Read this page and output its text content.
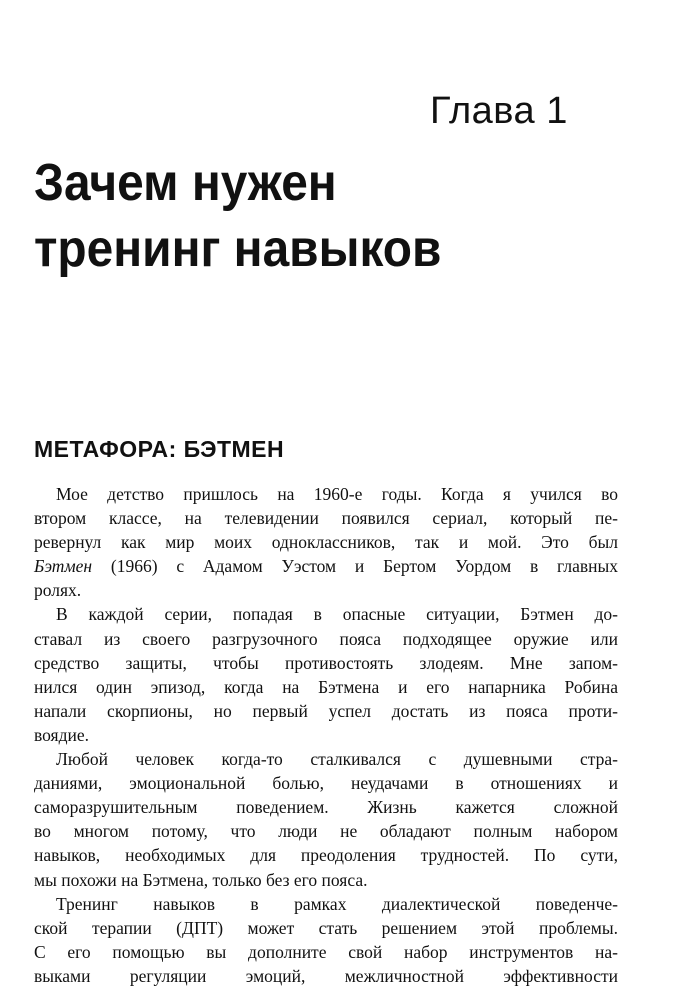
Глава 1
Зачем нужен
тренинг навыков
МЕТАФОРА: БЭТМЕН
Мое детство пришлось на 1960-е годы. Когда я учился во
втором классе, на телевидении появился сериал, который пе-
ревернул как мир моих одноклассников, так и мой. Это был
Бэтмен (1966) с Адамом Уэстом и Бертом Уордом в главных
ролях.
В каждой серии, попадая в опасные ситуации, Бэтмен до-
ставал из своего разгрузочного пояса подходящее оружие или
средство защиты, чтобы противостоять злодеям. Мне запом-
нился один эпизод, когда на Бэтмена и его напарника Робина
напали скорпионы, но первый успел достать из пояса проти-
воядие.
Любой человек когда-то сталкивался с душевными стра-
даниями, эмоциональной болью, неудачами в отношениях и
саморазрушительным поведением. Жизнь кажется сложной
во многом потому, что люди не обладают полным набором
навыков, необходимых для преодоления трудностей. По сути,
мы похожи на Бэтмена, только без его пояса.
Тренинг навыков в рамках диалектической поведенче-
ской терапии (ДПТ) может стать решением этой проблемы.
С его помощью вы дополните свой набор инструментов на-
выками регуляции эмоций, межличностной эффективности
